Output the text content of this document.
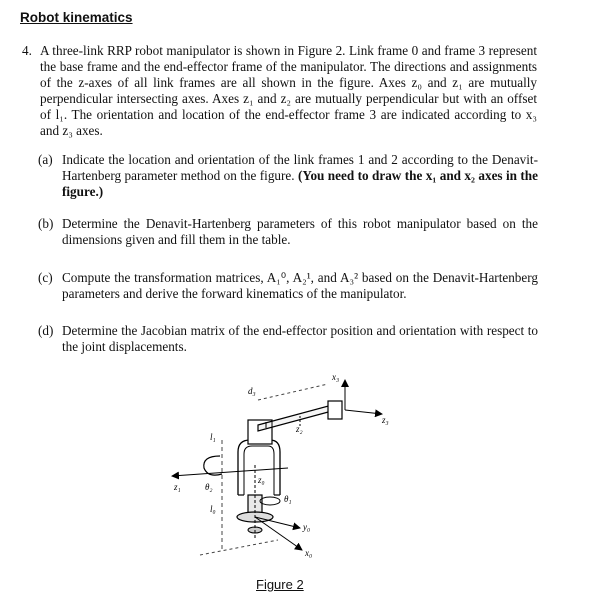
Robot kinematics
4. A three-link RRP robot manipulator is shown in Figure 2. Link frame 0 and frame 3 represent the base frame and the end-effector frame of the manipulator. The directions and assignments of the z-axes of all link frames are all shown in the figure. Axes z₀ and z₁ are mutually perpendicular intersecting axes. Axes z₁ and z₂ are mutually perpendicular but with an offset of l₁. The orientation and location of the end-effector frame 3 are indicated according to x₃ and z₃ axes.
(a) Indicate the location and orientation of the link frames 1 and 2 according to the Denavit-Hartenberg parameter method on the figure. (You need to draw the x₁ and x₂ axes in the figure.)
(b) Determine the Denavit-Hartenberg parameters of this robot manipulator based on the dimensions given and fill them in the table.
(c) Compute the transformation matrices, A₁⁰, A₂¹, and A₃² based on the Denavit-Hartenberg parameters and derive the forward kinematics of the manipulator.
(d) Determine the Jacobian matrix of the end-effector position and orientation with respect to the joint displacements.
x₃
z₃
d₃
z₂
l₁
z₁	θ₂
z₀
θ₁
l₀
y₀
x₀
Figure 2
